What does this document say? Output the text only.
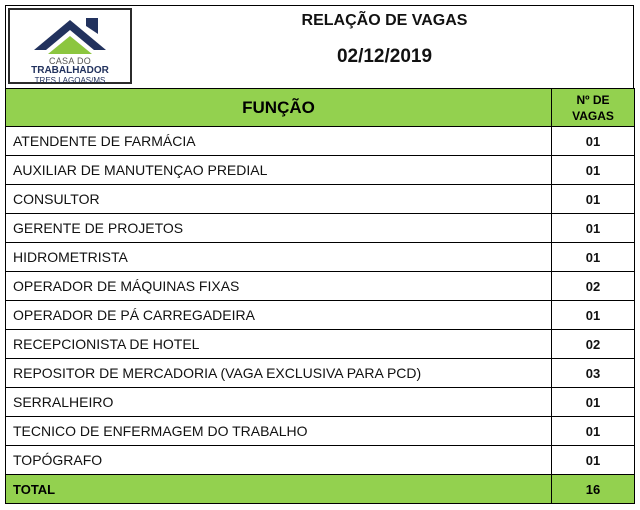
CASA DO
TRABALHADOR
TRES LAGOAS/MS
RELAÇÃO DE VAGAS
02/12/2019
FUNÇÃO	Nº DE
VAGAS
ATENDENTE DE FARMÁCIA	01
AUXILIAR DE MANUTENÇAO PREDIAL	01
CONSULTOR	01
GERENTE DE PROJETOS	01
HIDROMETRISTA	01
OPERADOR DE MÁQUINAS FIXAS	02
OPERADOR DE PÁ CARREGADEIRA	01
RECEPCIONISTA DE HOTEL	02
REPOSITOR DE MERCADORIA (VAGA EXCLUSIVA PARA PCD)	03
SERRALHEIRO	01
TECNICO DE ENFERMAGEM DO TRABALHO	01
TOPÓGRAFO	01
TOTAL	16
